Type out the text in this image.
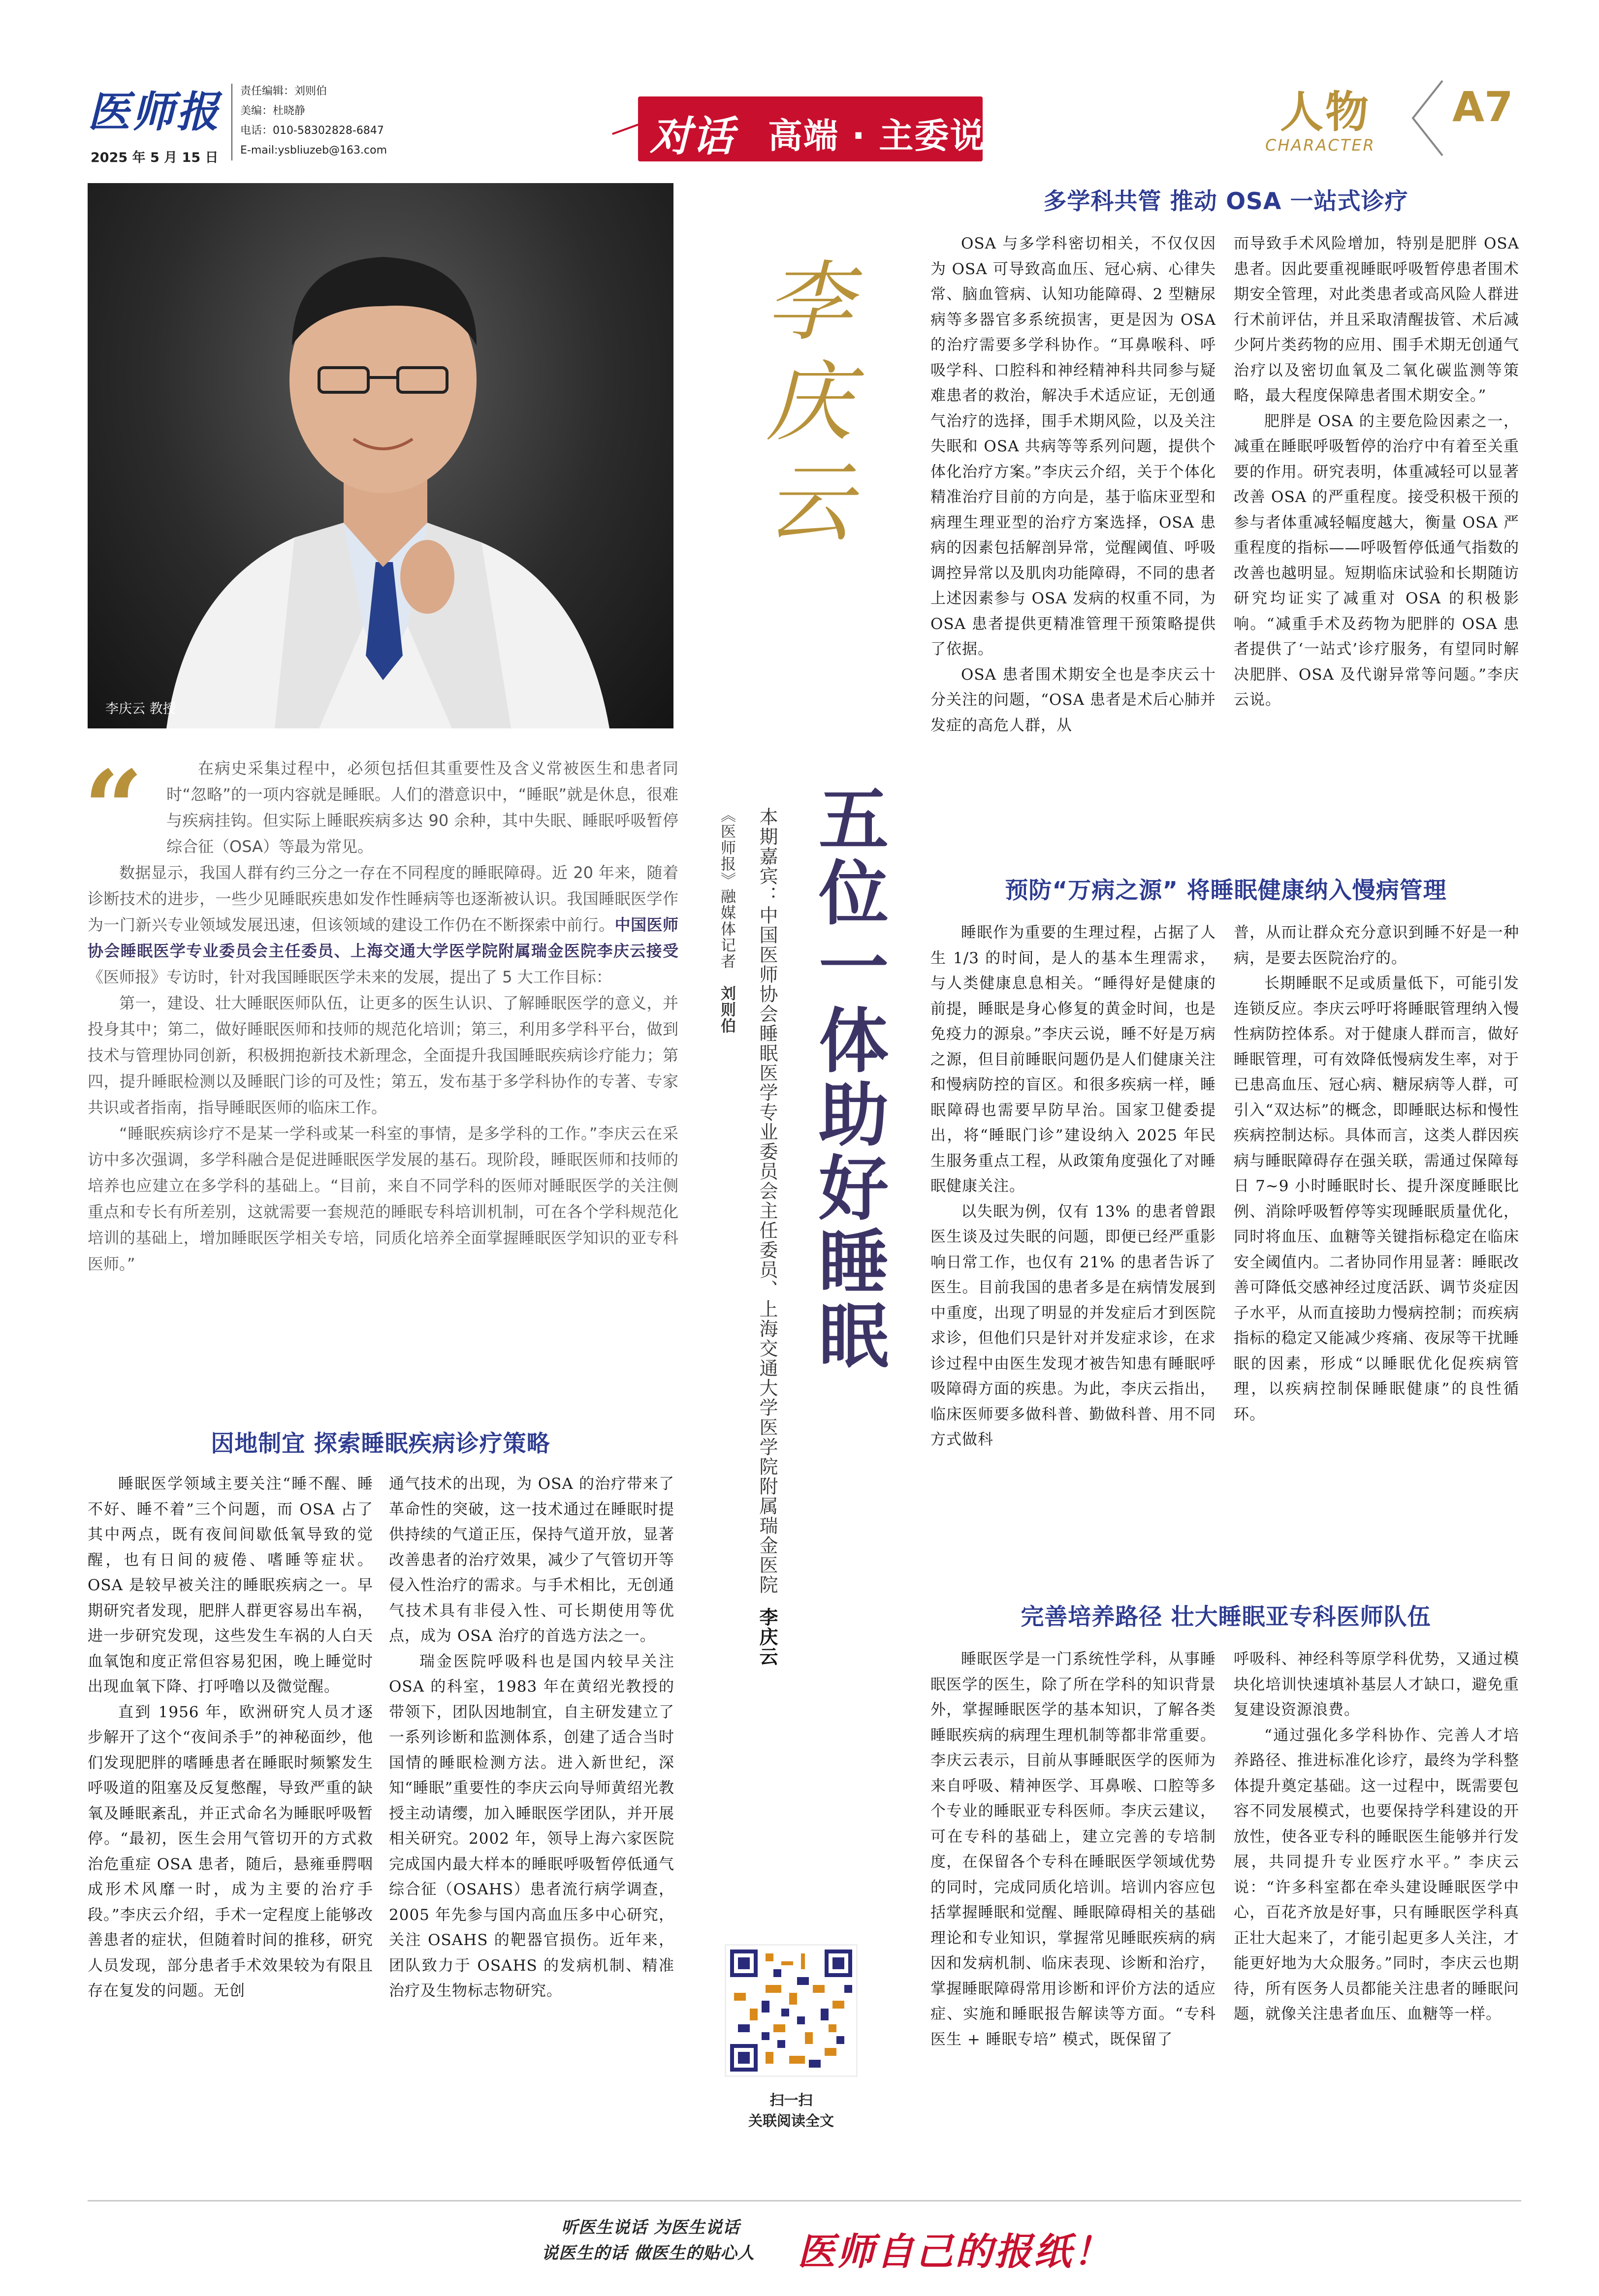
医师报
2025 年 5 月 15 日
责任编辑：刘则伯
美编：杜晓静
电话：010-58302828-6847
E-mail:ysbliuzeb@163.com	对话 高端 · 主委说	人物
CHARACTER
A7
李庆云 教授
李庆云
五位一体助好睡眠
本期嘉宾：中国医师协会睡眠医学专业委员会主任委员、上海交通大学医学院附属瑞金医院 李庆云
《医师报》融媒体记者 刘则伯
“	在病史采集过程中，必须包括但其重要性及含义常被医生和患者同时“忽略”的一项内容就是睡眠。人们的潜意识中，“睡眠”就是休息，很难与疾病挂钩。但实际上睡眠疾病多达 90 余种，其中失眠、睡眠呼吸暂停综合征（OSA）等最为常见。

数据显示，我国人群有约三分之一存在不同程度的睡眠障碍。近 20 年来，随着诊断技术的进步，一些少见睡眠疾患如发作性睡病等也逐渐被认识。我国睡眠医学作为一门新兴专业领域发展迅速，但该领域的建设工作仍在不断探索中前行。中国医师协会睡眠医学专业委员会主任委员、上海交通大学医学院附属瑞金医院李庆云接受《医师报》专访时，针对我国睡眠医学未来的发展，提出了 5 大工作目标：

第一，建设、壮大睡眠医师队伍，让更多的医生认识、了解睡眠医学的意义，并投身其中；第二，做好睡眠医师和技师的规范化培训；第三，利用多学科平台，做到技术与管理协同创新，积极拥抱新技术新理念，全面提升我国睡眠疾病诊疗能力；第四，提升睡眠检测以及睡眠门诊的可及性；第五，发布基于多学科协作的专著、专家共识或者指南，指导睡眠医师的临床工作。

“睡眠疾病诊疗不是某一学科或某一科室的事情，是多学科的工作。”李庆云在采访中多次强调，多学科融合是促进睡眠医学发展的基石。现阶段，睡眠医师和技师的培养也应建立在多学科的基础上。“目前，来自不同学科的医师对睡眠医学的关注侧重点和专长有所差别，这就需要一套规范的睡眠专科培训机制，可在各个学科规范化培训的基础上，增加睡眠医学相关专培，同质化培养全面掌握睡眠医学知识的亚专科医师。”

因地制宜 探索睡眠疾病诊疗策略

睡眠医学领域主要关注“睡不醒、睡不好、睡不着”三个问题，而 OSA 占了其中两点，既有夜间间歇低氧导致的觉醒，也有日间的疲倦、嗜睡等症状。OSA 是较早被关注的睡眠疾病之一。早期研究者发现，肥胖人群更容易出车祸，进一步研究发现，这些发生车祸的人白天血氧饱和度正常但容易犯困，晚上睡觉时出现血氧下降、打呼噜以及微觉醒。

直到 1956 年，欧洲研究人员才逐步解开了这个“夜间杀手”的神秘面纱，他们发现肥胖的嗜睡患者在睡眠时频繁发生呼吸道的阻塞及反复憋醒，导致严重的缺氧及睡眠紊乱，并正式命名为睡眠呼吸暂停。“最初，医生会用气管切开的方式救治危重症 OSA 患者，随后，悬雍垂腭咽成形术风靡一时，成为主要的治疗手段。”李庆云介绍，手术一定程度上能够改善患者的症状，但随着时间的推移，研究人员发现，部分患者手术效果较为有限且存在复发的问题。无创

通气技术的出现，为 OSA 的治疗带来了革命性的突破，这一技术通过在睡眠时提供持续的气道正压，保持气道开放，显著改善患者的治疗效果，减少了气管切开等侵入性治疗的需求。与手术相比，无创通气技术具有非侵入性、可长期使用等优点，成为 OSA 治疗的首选方法之一。

瑞金医院呼吸科也是国内较早关注 OSA 的科室，1983 年在黄绍光教授的带领下，团队因地制宜，自主研发建立了一系列诊断和监测体系，创建了适合当时国情的睡眠检测方法。进入新世纪，深知“睡眠”重要性的李庆云向导师黄绍光教授主动请缨，加入睡眠医学团队，并开展相关研究。2002 年，领导上海六家医院完成国内最大样本的睡眠呼吸暂停低通气综合征（OSAHS）患者流行病学调查，2005 年先参与国内高血压多中心研究，关注 OSAHS 的靶器官损伤。近年来，团队致力于 OSAHS 的发病机制、精准治疗及生物标志物研究。

多学科共管 推动 OSA 一站式诊疗

OSA 与多学科密切相关，不仅仅因为 OSA 可导致高血压、冠心病、心律失常、脑血管病、认知功能障碍、2 型糖尿病等多器官多系统损害，更是因为 OSA 的治疗需要多学科协作。“耳鼻喉科、呼吸学科、口腔科和神经精神科共同参与疑难患者的救治，解决手术适应证，无创通气治疗的选择，围手术期风险，以及关注失眠和 OSA 共病等等系列问题，提供个体化治疗方案。”李庆云介绍，关于个体化精准治疗目前的方向是，基于临床亚型和病理生理亚型的治疗方案选择，OSA 患病的因素包括解剖异常，觉醒阈值、呼吸调控异常以及肌肉功能障碍，不同的患者上述因素参与 OSA 发病的权重不同，为 OSA 患者提供更精准管理干预策略提供了依据。

OSA 患者围术期安全也是李庆云十分关注的问题，“OSA 患者是术后心肺并发症的高危人群，从

而导致手术风险增加，特别是肥胖 OSA 患者。因此要重视睡眠呼吸暂停患者围术期安全管理，对此类患者或高风险人群进行术前评估，并且采取清醒拔管、术后减少阿片类药物的应用、围手术期无创通气治疗以及密切血氧及二氧化碳监测等策略，最大程度保障患者围术期安全。”

肥胖是 OSA 的主要危险因素之一，减重在睡眠呼吸暂停的治疗中有着至关重要的作用。研究表明，体重减轻可以显著改善 OSA 的严重程度。接受积极干预的参与者体重减轻幅度越大，衡量 OSA 严重程度的指标——呼吸暂停低通气指数的改善也越明显。短期临床试验和长期随访研究均证实了减重对 OSA 的积极影响。“减重手术及药物为肥胖的 OSA 患者提供了‘一站式’诊疗服务，有望同时解决肥胖、OSA 及代谢异常等问题。”李庆云说。

预防“万病之源” 将睡眠健康纳入慢病管理

睡眠作为重要的生理过程，占据了人生 1/3 的时间，是人的基本生理需求，与人类健康息息相关。“睡得好是健康的前提，睡眠是身心修复的黄金时间，也是免疫力的源泉。”李庆云说，睡不好是万病之源，但目前睡眠问题仍是人们健康关注和慢病防控的盲区。和很多疾病一样，睡眠障碍也需要早防早治。国家卫健委提出，将“睡眠门诊”建设纳入 2025 年民生服务重点工程，从政策角度强化了对睡眠健康关注。

以失眠为例，仅有 13% 的患者曾跟医生谈及过失眠的问题，即便已经严重影响日常工作，也仅有 21% 的患者告诉了医生。目前我国的患者多是在病情发展到中重度，出现了明显的并发症后才到医院求诊，但他们只是针对并发症求诊，在求诊过程中由医生发现才被告知患有睡眠呼吸障碍方面的疾患。为此，李庆云指出，临床医师要多做科普、勤做科普、用不同方式做科

普，从而让群众充分意识到睡不好是一种病，是要去医院治疗的。

长期睡眠不足或质量低下，可能引发连锁反应。李庆云呼吁将睡眠管理纳入慢性病防控体系。对于健康人群而言，做好睡眠管理，可有效降低慢病发生率，对于已患高血压、冠心病、糖尿病等人群，可引入“双达标”的概念，即睡眠达标和慢性疾病控制达标。具体而言，这类人群因疾病与睡眠障碍存在强关联，需通过保障每日 7~9 小时睡眠时长、提升深度睡眠比例、消除呼吸暂停等实现睡眠质量优化，同时将血压、血糖等关键指标稳定在临床安全阈值内。二者协同作用显著：睡眠改善可降低交感神经过度活跃、调节炎症因子水平，从而直接助力慢病控制；而疾病指标的稳定又能减少疼痛、夜尿等干扰睡眠的因素，形成“以睡眠优化促疾病管理，以疾病控制保睡眠健康”的良性循环。

完善培养路径 壮大睡眠亚专科医师队伍

睡眠医学是一门系统性学科，从事睡眠医学的医生，除了所在学科的知识背景外，掌握睡眠医学的基本知识，了解各类睡眠疾病的病理生理机制等都非常重要。李庆云表示，目前从事睡眠医学的医师为来自呼吸、精神医学、耳鼻喉、口腔等多个专业的睡眠亚专科医师。李庆云建议，可在专科的基础上，建立完善的专培制度，在保留各个专科在睡眠医学领域优势的同时，完成同质化培训。培训内容应包括掌握睡眠和觉醒、睡眠障碍相关的基础理论和专业知识，掌握常见睡眠疾病的病因和发病机制、临床表现、诊断和治疗，掌握睡眠障碍常用诊断和评价方法的适应症、实施和睡眠报告解读等方面。“专科医生 + 睡眠专培” 模式，既保留了

呼吸科、神经科等原学科优势，又通过模块化培训快速填补基层人才缺口，避免重复建设资源浪费。

“通过强化多学科协作、完善人才培养路径、推进标准化诊疗，最终为学科整体提升奠定基础。这一过程中，既需要包容不同发展模式，也要保持学科建设的开放性，使各亚专科的睡眠医生能够并行发展，共同提升专业医疗水平。” 李庆云说：“许多科室都在牵头建设睡眠医学中心，百花齐放是好事，只有睡眠医学科真正壮大起来了，才能引起更多人关注，才能更好地为大众服务。”同时，李庆云也期待，所有医务人员都能关注患者的睡眠问题，就像关注患者血压、血糖等一样。

扫一扫
关联阅读全文
听医生说话 为医生说话
说医生的话 做医生的贴心人 医师自己的报纸！
